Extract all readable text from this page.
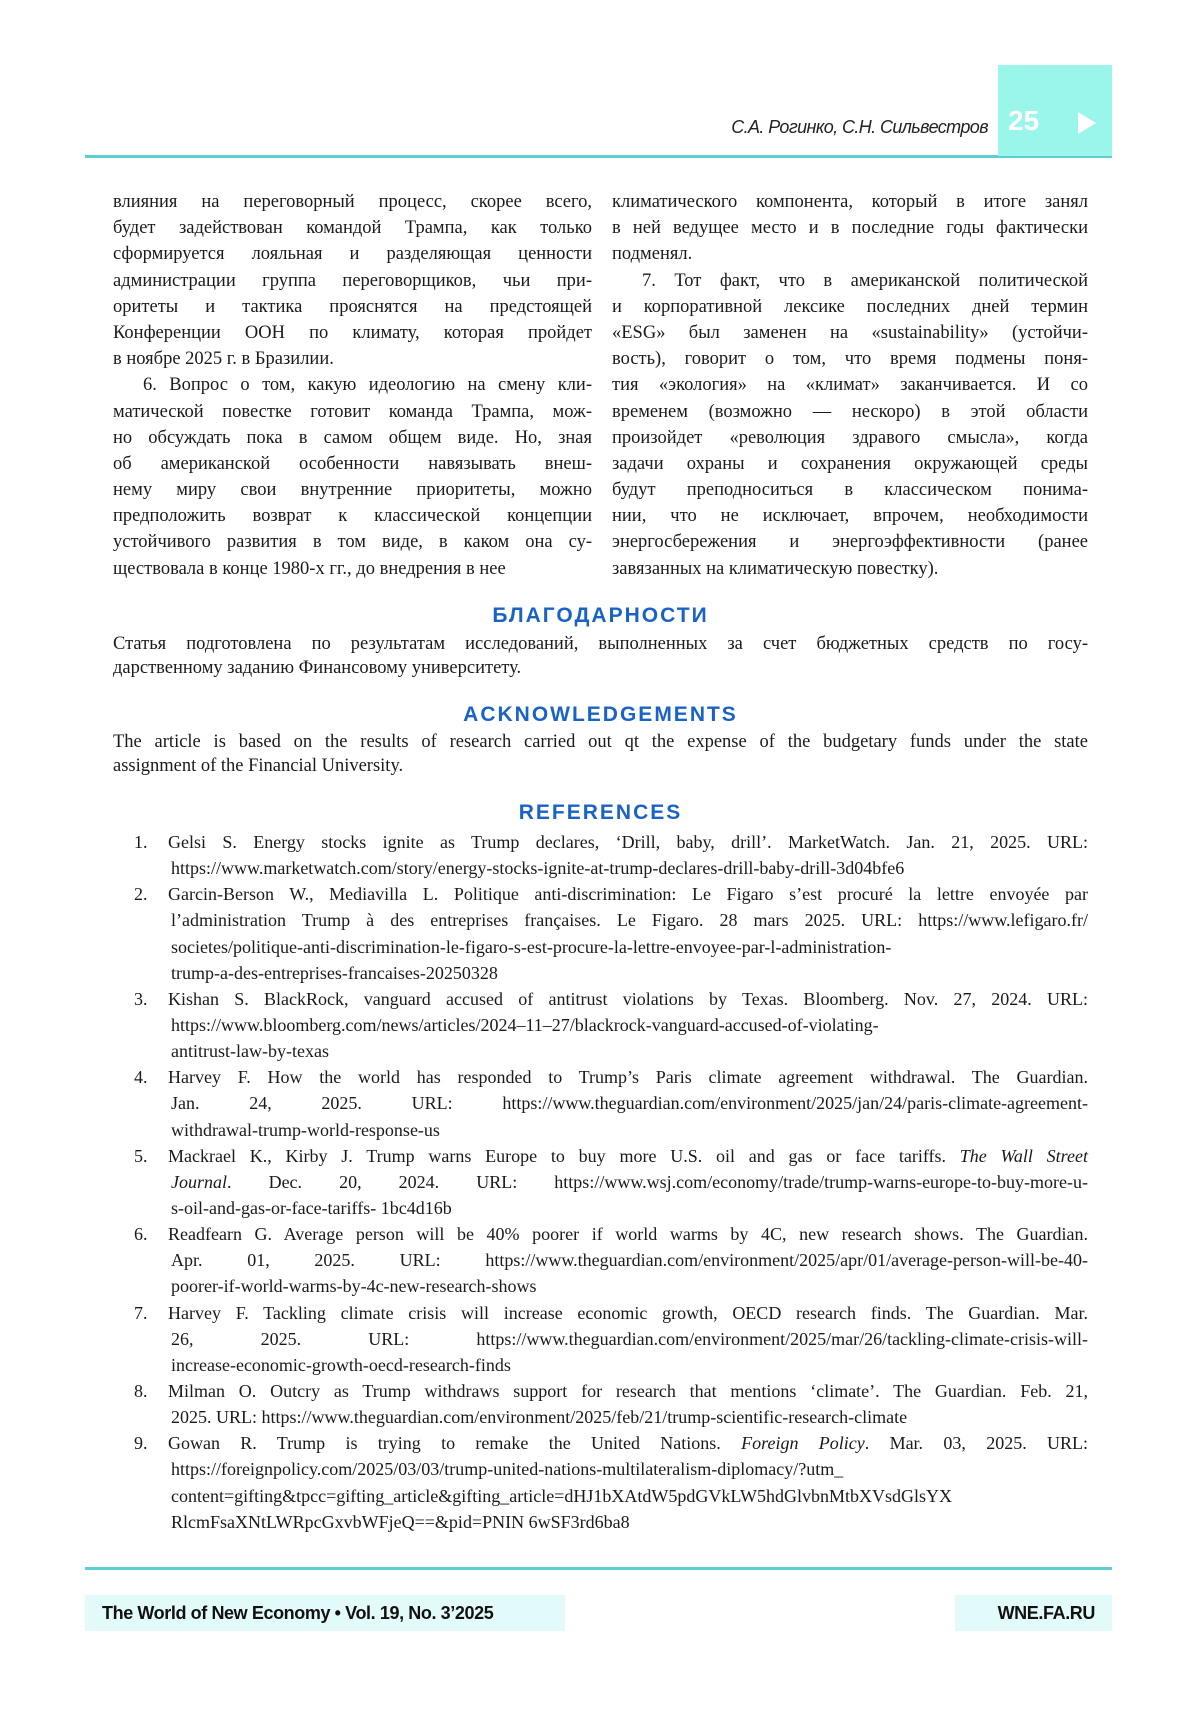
25
С.А. Рогинко, С.Н. Сильвестров
влияния на переговорный процесс, скорее всего,
будет задействован командой Трампа, как только
сформируется лояльная и разделяющая ценности
администрации группа переговорщиков, чьи при-
оритеты и тактика прояснятся на предстоящей
Конференции ООН по климату, которая пройдет
в ноябре 2025 г. в Бразилии.
6. Вопрос о том, какую идеологию на смену кли-
матической повестке готовит команда Трампа, мож-
но обсуждать пока в самом общем виде. Но, зная
об американской особенности навязывать внеш-
нему миру свои внутренние приоритеты, можно
предположить возврат к классической концепции
устойчивого развития в том виде, в каком она су-
ществовала в конце 1980-х гг., до внедрения в нее
климатического компонента, который в итоге занял
в ней ведущее место и в последние годы фактически
подменял.
7. Тот факт, что в американской политической
и корпоративной лексике последних дней термин
«ESG» был заменен на «sustainability» (устойчи-
вость), говорит о том, что время подмены поня-
тия «экология» на «климат» заканчивается. И со
временем (возможно — нескоро) в этой области
произойдет «революция здравого смысла», когда
задачи охраны и сохранения окружающей среды
будут преподноситься в классическом понима-
нии, что не исключает, впрочем, необходимости
энергосбережения и энергоэффективности (ранее
завязанных на климатическую повестку).
БЛАГОДАРНОСТИ
Статья подготовлена по результатам исследований, выполненных за счет бюджетных средств по госу-
дарственному заданию Финансовому университету.
ACKNOWLEDGEMENTS
The article is based on the results of research carried out qt the expense of the budgetary funds under the state
assignment of the Financial University.
REFERENCES
1. Gelsi S. Energy stocks ignite as Trump declares, ‘Drill, baby, drill’. MarketWatch. Jan. 21, 2025. URL:
https://www.marketwatch.com/story/energy-stocks-ignite-at-trump-declares-drill-baby-drill-3d04bfe6
2. Garcin-Berson W., Mediavilla L. Politique anti-discrimination: Le Figaro s’est procuré la lettre envoyée par
l’administration Trump à des entreprises françaises. Le Figaro. 28 mars 2025. URL: https://www.lefigaro.fr/
societes/politique-anti-discrimination-le-figaro-s-est-procure-la-lettre-envoyee-par-l-administration-
trump-a-des-entreprises-francaises-20250328
3. Kishan S. BlackRock, vanguard accused of antitrust violations by Texas. Bloomberg. Nov. 27, 2024. URL:
https://www.bloomberg.com/news/articles/2024–11–27/blackrock-vanguard-accused-of-violating-
antitrust-law-by-texas
4. Harvey F. How the world has responded to Trump’s Paris climate agreement withdrawal. The Guardian.
Jan. 24, 2025. URL: https://www.theguardian.com/environment/2025/jan/24/paris-climate-agreement-
withdrawal-trump-world-response-us
5. Mackrael K., Kirby J. Trump warns Europe to buy more U.S. oil and gas or face tariffs. The Wall Street
Journal. Dec. 20, 2024. URL: https://www.wsj.com/economy/trade/trump-warns-europe-to-buy-more-u-
s-oil-and-gas-or-face-tariffs- 1bc4d16b
6. Readfearn G. Average person will be 40% poorer if world warms by 4C, new research shows. The Guardian.
Apr. 01, 2025. URL: https://www.theguardian.com/environment/2025/apr/01/average-person-will-be-40-
poorer-if-world-warms-by-4c-new-research-shows
7. Harvey F. Tackling climate crisis will increase economic growth, OECD research finds. The Guardian. Mar.
26, 2025. URL: https://www.theguardian.com/environment/2025/mar/26/tackling-climate-crisis-will-
increase-economic-growth-oecd-research-finds
8. Milman O. Outcry as Trump withdraws support for research that mentions ‘climate’. The Guardian. Feb. 21,
2025. URL: https://www.theguardian.com/environment/2025/feb/21/trump-scientific-research-climate
9. Gowan R. Trump is trying to remake the United Nations. Foreign Policy. Mar. 03, 2025. URL:
https://foreignpolicy.com/2025/03/03/trump-united-nations-multilateralism-diplomacy/?utm_
content=gifting&tpcc=gifting_article&gifting_article=dHJ1bXAtdW5pdGVkLW5hdGlvbnMtbXVsdGlsYX
RlcmFsaXNtLWRpcGxvbWFjeQ==&pid=PNIN 6wSF3rd6ba8
The World of New Economy • Vol. 19, No. 3’2025	WNE.FA.RU
